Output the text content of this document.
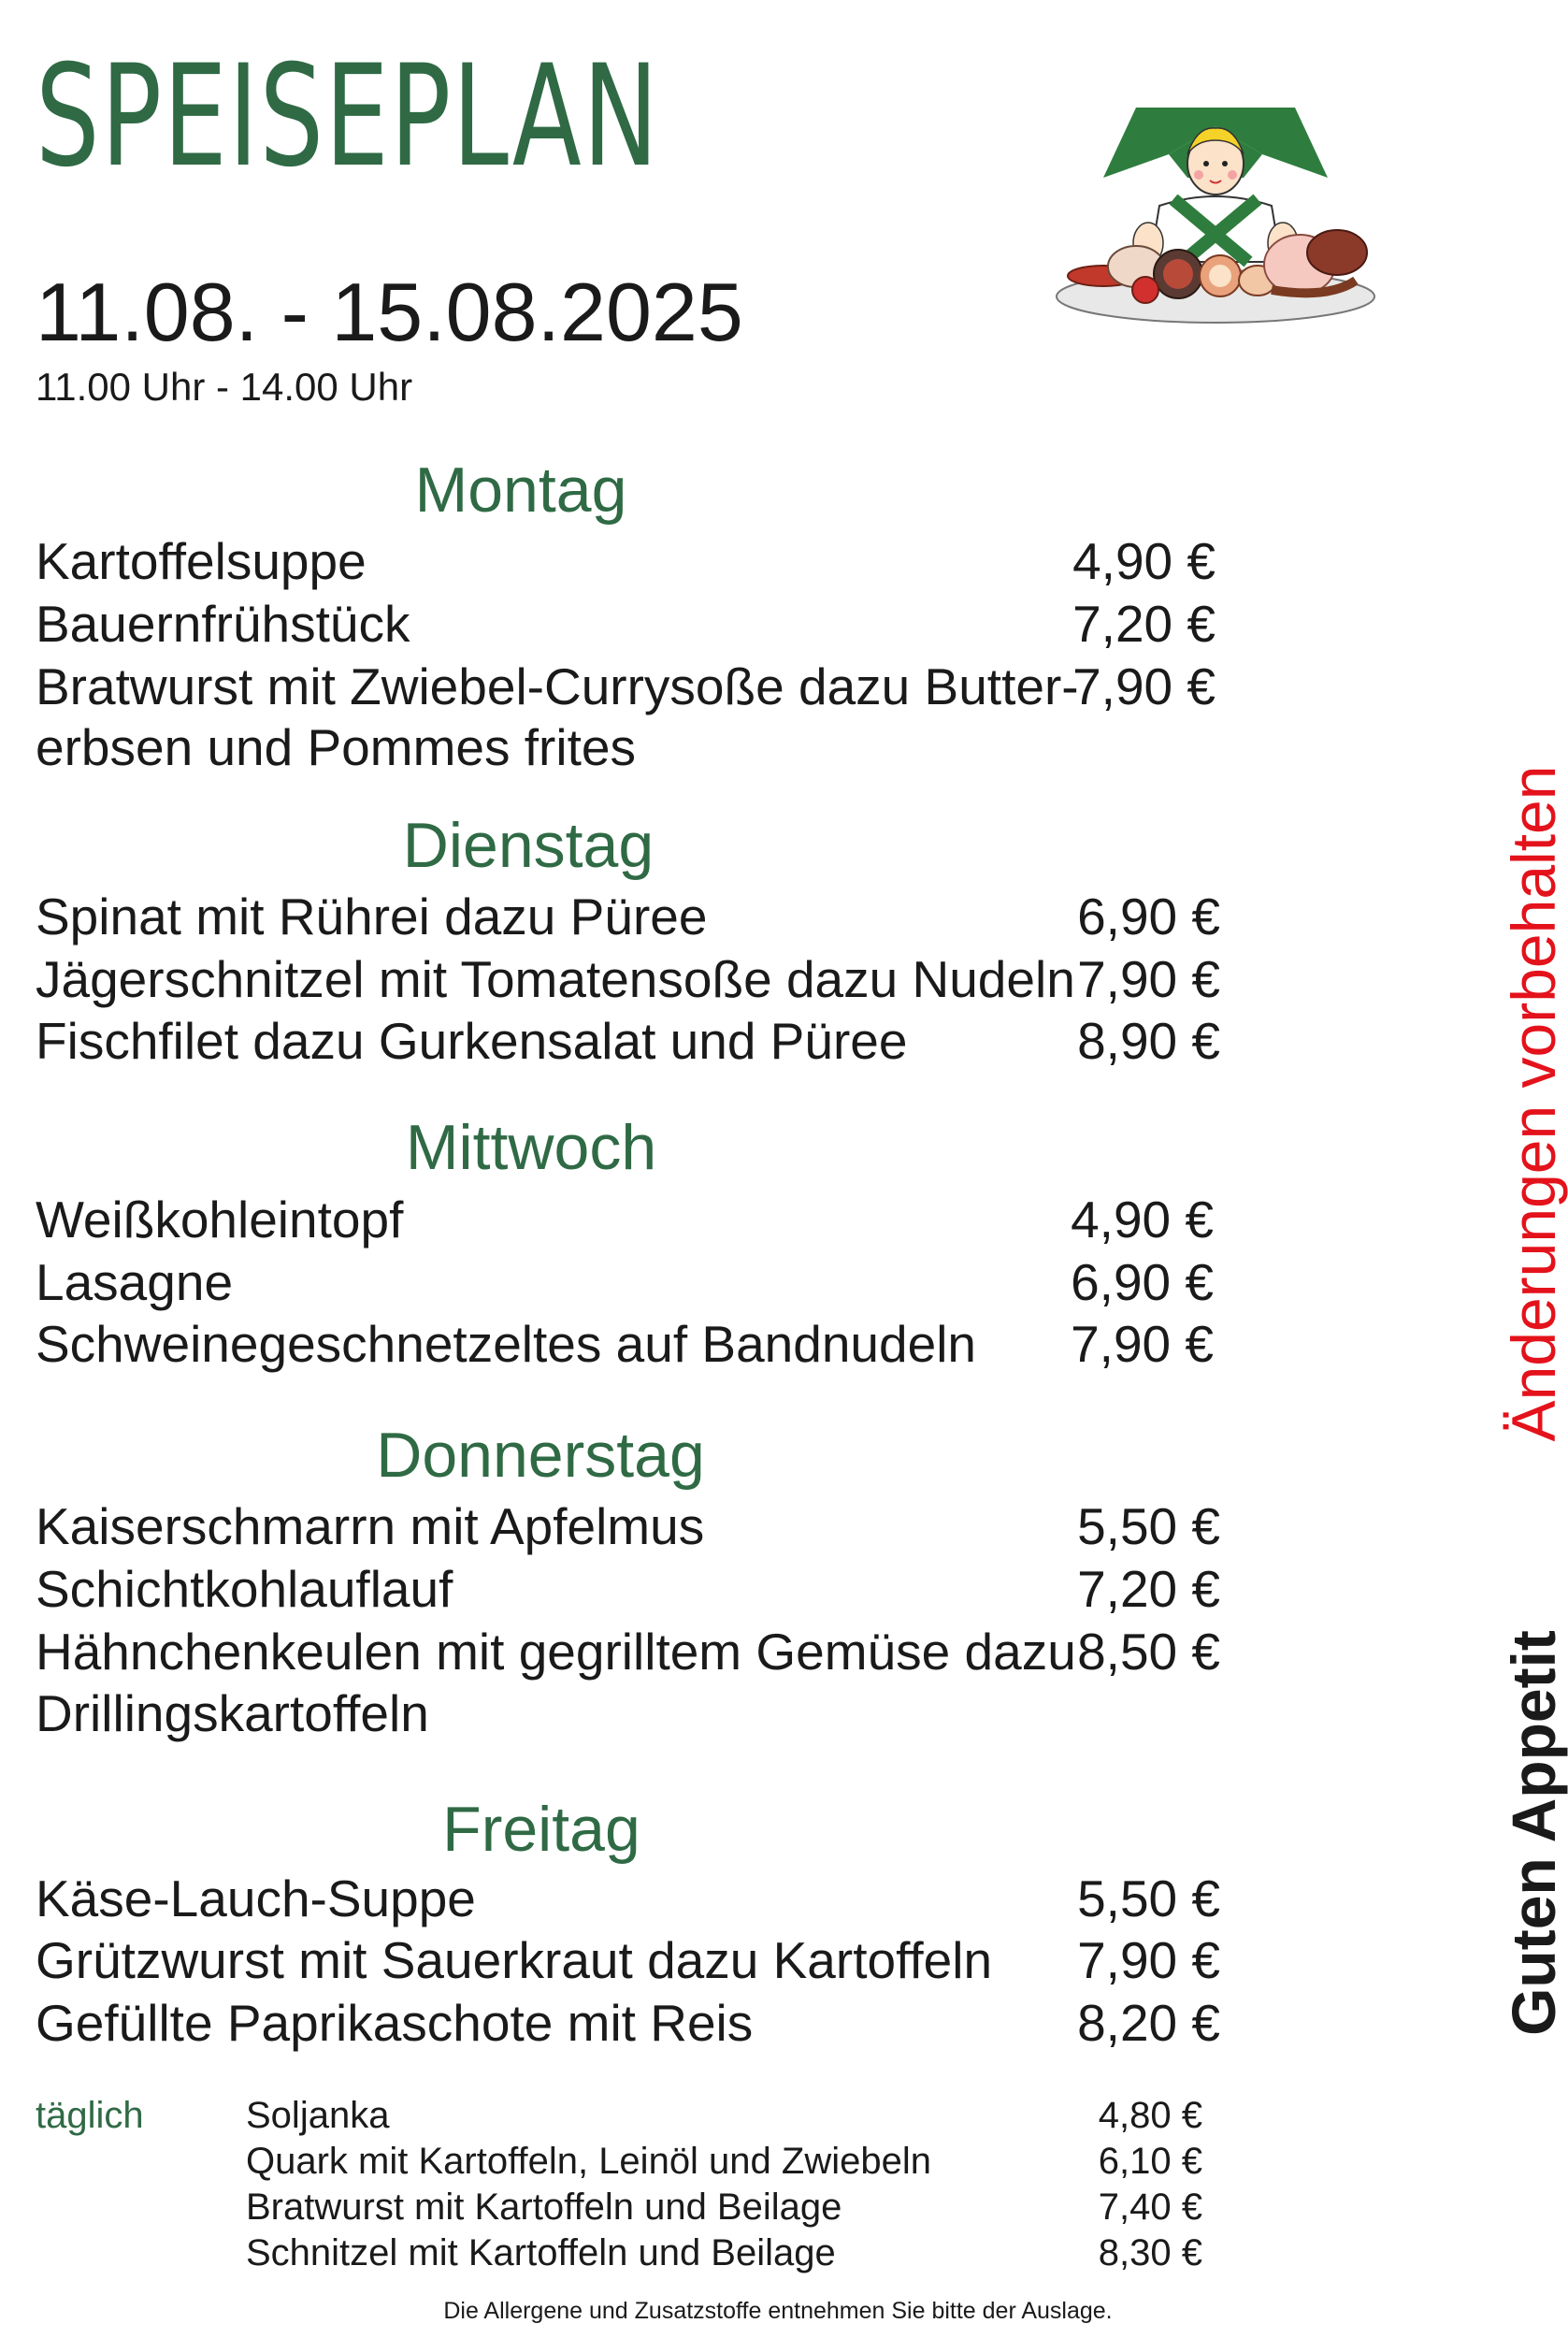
SPEISEPLAN
11.08. - 15.08.2025
11.00 Uhr - 14.00 Uhr
Montag
Kartoffelsuppe	4,90 €
Bauernfrühstück	7,20 €
Bratwurst mit Zwiebel-Currysoße dazu Butter-
erbsen und Pommes frites
7,90 €
Dienstag
Spinat mit Rührei dazu Püree	6,90 €
Jägerschnitzel mit Tomatensoße dazu Nudeln 7,90 €
Fischfilet dazu Gurkensalat und Püree	8,90 €
Mittwoch
Weißkohleintopf	4,90 €
Lasagne	6,90 €
Schweinegeschnetzeltes auf Bandnudeln 7,90 €
Donnerstag
Kaiserschmarrn mit Apfelmus	5,50 €
Schichtkohlauflauf	7,20 €
Hähnchenkeulen mit gegrilltem Gemüse dazu
Drillingskartoffeln
8,50 €
Freitag
Käse-Lauch-Suppe	5,50 €
Grützwurst mit Sauerkraut dazu Kartoffeln 7,90 €
Gefüllte Paprikaschote mit Reis	8,20 €
täglich	Soljanka	4,80 €
Quark mit Kartoffeln, Leinöl und Zwiebeln	6,10 €
Bratwurst mit Kartoffeln und Beilage	7,40 €
Schnitzel mit Kartoffeln und Beilage	8,30 €
Die Allergene und Zusatzstoffe entnehmen Sie bitte der Auslage.
Änderungen vorbehalten
Guten Appetit
